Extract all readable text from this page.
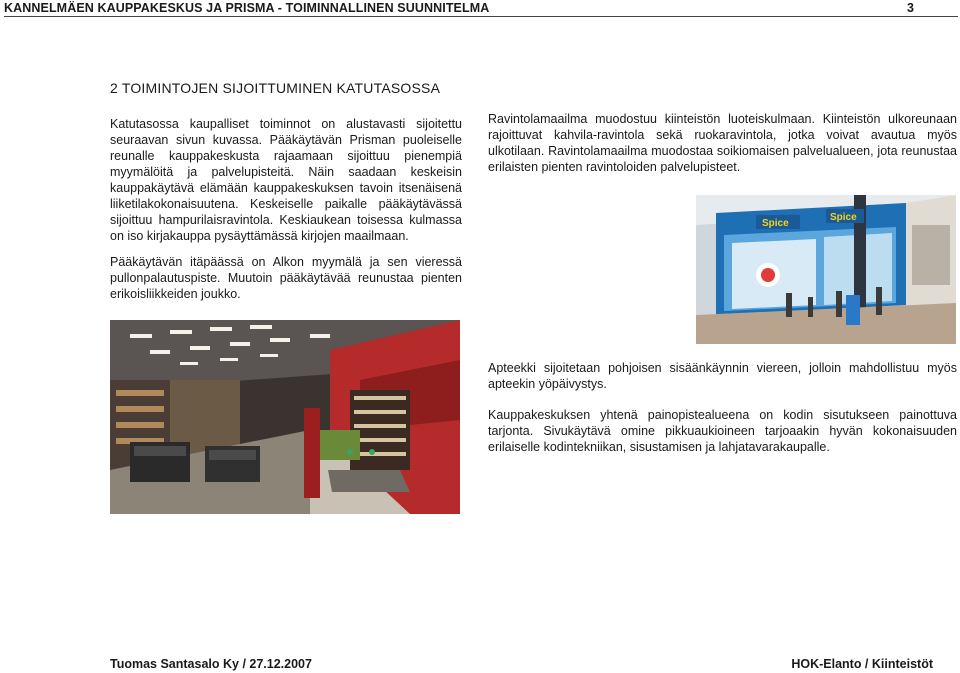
KANNELMÄEN KAUPPAKESKUS JA PRISMA - TOIMINNALLINEN SUUNNITELMA	3
2 TOIMINTOJEN SIJOITTUMINEN KATUTASOSSA
Katutasossa kaupalliset toiminnot on alustavasti sijoitettu seuraavan sivun kuvassa. Pääkäytävän Prisman puoleiselle reunalle kauppakeskusta rajaamaan sijoittuu pienempiä myymälöitä ja palvelupisteitä. Näin saadaan keskeisin kauppakäytävä elämään kauppakeskuksen tavoin itsenäisenä liiketilakokonaisuutena. Keskeiselle paikalle pääkäytävässä sijoittuu hampurilaisravintola. Keskiaukean toisessa kulmassa on iso kirjakauppa pysäyttämässä kirjojen maailmaan.
Pääkäytävän itäpäässä on Alkon myymälä ja sen vieressä pullonpalautuspiste. Muutoin pääkäytävää reunustaa pienten erikoisliikkeiden joukko.
Ravintolamaailma muodostuu kiinteistön luoteiskulmaan. Kiinteistön ulkoreunaan rajoittuvat kahvila-ravintola sekä ruokaravintola, jotka voivat avautua myös ulkotilaan. Ravintolamaailma muodostaa soikiomaisen palvelualueen, jota reunustaa erilaisten pienten ravintoloiden palvelupisteet.
Apteekki sijoitetaan pohjoisen sisäänkäynnin viereen, jolloin mahdollistuu myös apteekin yöpäivystys.
Kauppakeskuksen yhtenä painopistealueena on kodin sisutukseen painottuva tarjonta. Sivukäytävä omine pikkuaukioineen tarjoaakin hyvän kokonaisuuden erilaiselle kodintekniikan, sisustamisen ja lahjatavarakaupalle.
Spice
Spice
Tuomas Santasalo Ky / 27.12.2007	HOK-Elanto / Kiinteistöt
